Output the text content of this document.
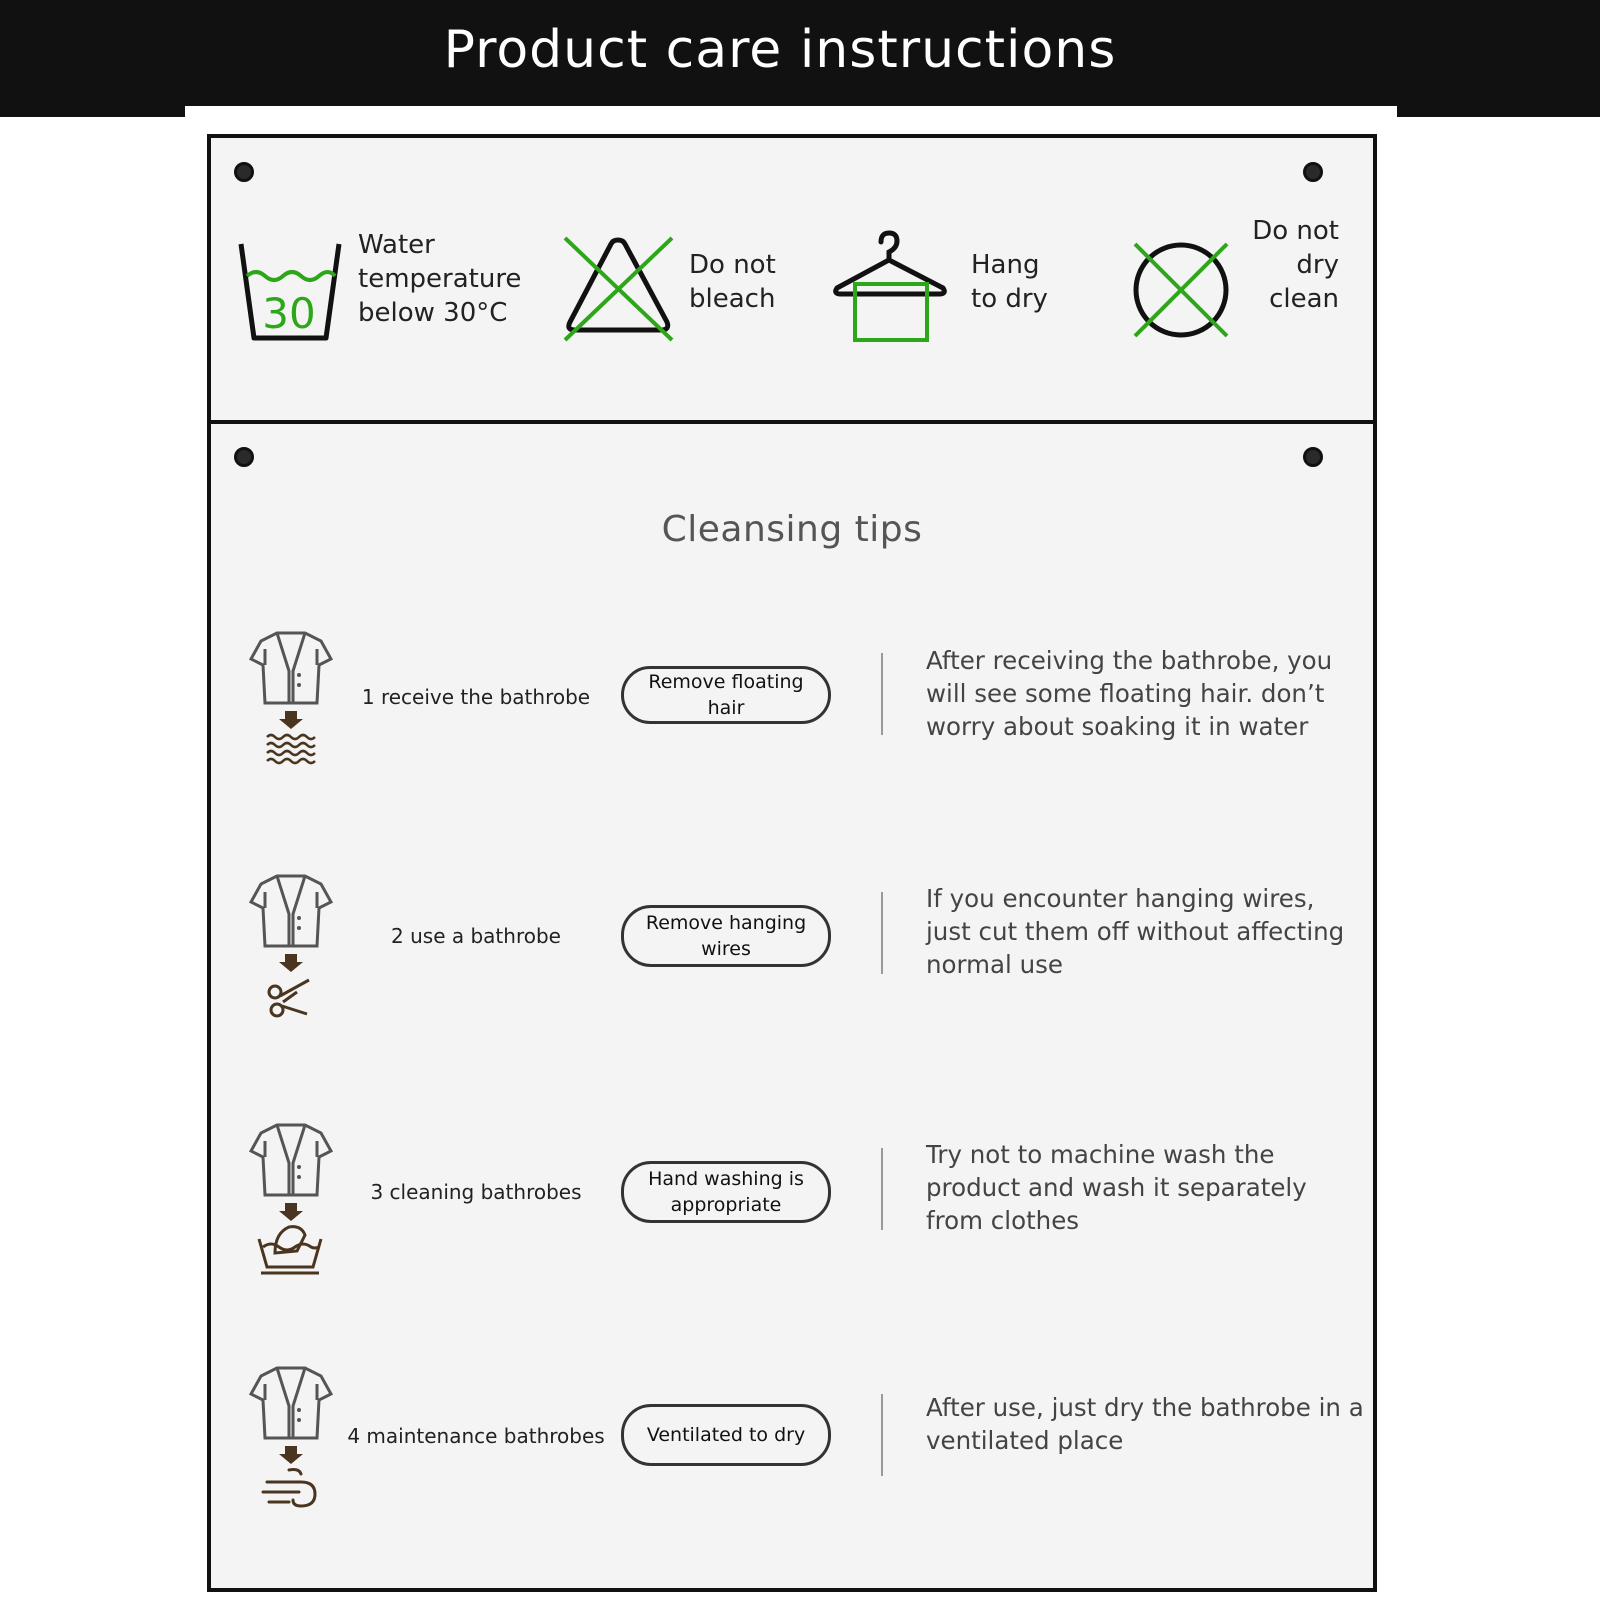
Product care instructions
30
Water
temperature
below 30°C
Do not
bleach
Hang
to dry
Do not
dry
clean
Cleansing tips
1 receive the bathrobe
Remove floating hair
After receiving the bathrobe, you will see some floating hair. don’t worry about soaking it in water
2 use a bathrobe
Remove hanging wires
If you encounter hanging wires, just cut them off without affecting normal use
3 cleaning bathrobes
Hand washing is appropriate
Try not to machine wash the product and wash it separately from clothes
4 maintenance bathrobes	Ventilated to dry
After use, just dry the bathrobe in a ventilated place
